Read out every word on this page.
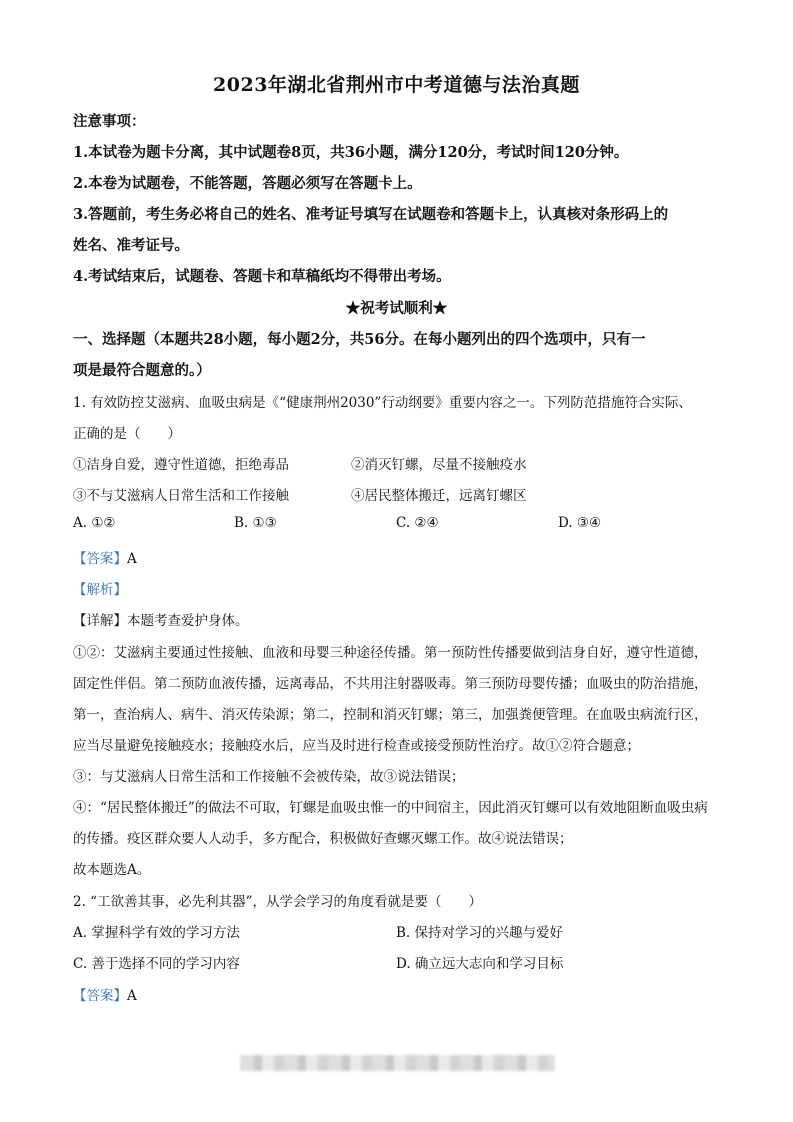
2023年湖北省荆州市中考道德与法治真题
注意事项：
1.本试卷为题卡分离，其中试题卷8页，共36小题，满分120分，考试时间120分钟。
2.本卷为试题卷，不能答题，答题必须写在答题卡上。
3.答题前，考生务必将自己的姓名、准考证号填写在试题卷和答题卡上，认真核对条形码上的
姓名、准考证号。
4.考试结束后，试题卷、答题卡和草稿纸均不得带出考场。
★祝考试顺利★
一、选择题（本题共28小题，每小题2分，共56分。在每小题列出的四个选项中，只有一
项是最符合题意的。）
1. 有效防控艾滋病、血吸虫病是《“健康荆州2030”行动纲要》重要内容之一。下列防范措施符合实际、
正确的是（　　）
①洁身自爱，遵守性道德，拒绝毒品	②消灭钉螺，尽量不接触疫水
③不与艾滋病人日常生活和工作接触	④居民整体搬迁，远离钉螺区
A. ①②	B. ①③	C. ②④	D. ③④
【答案】A
【解析】
【详解】本题考查爱护身体。
①②：艾滋病主要通过性接触、血液和母婴三种途径传播。第一预防性传播要做到洁身自好，遵守性道德，
固定性伴侣。第二预防血液传播，远离毒品，不共用注射器吸毒。第三预防母婴传播；血吸虫的防治措施，
第一，查治病人、病牛、消灭传染源；第二，控制和消灭钉螺；第三，加强粪便管理。在血吸虫病流行区，
应当尽量避免接触疫水；接触疫水后，应当及时进行检查或接受预防性治疗。故①②符合题意；
③：与艾滋病人日常生活和工作接触不会被传染，故③说法错误；
④：“居民整体搬迁”的做法不可取，钉螺是血吸虫惟一的中间宿主，因此消灭钉螺可以有效地阻断血吸虫病
的传播。疫区群众要人人动手，多方配合，积极做好查螺灭螺工作。故④说法错误；
故本题选A。
2. “工欲善其事，必先利其器”，从学会学习的角度看就是要（　　）
A. 掌握科学有效的学习方法	B. 保持对学习的兴趣与爱好
C. 善于选择不同的学习内容	D. 确立远大志向和学习目标
【答案】A
